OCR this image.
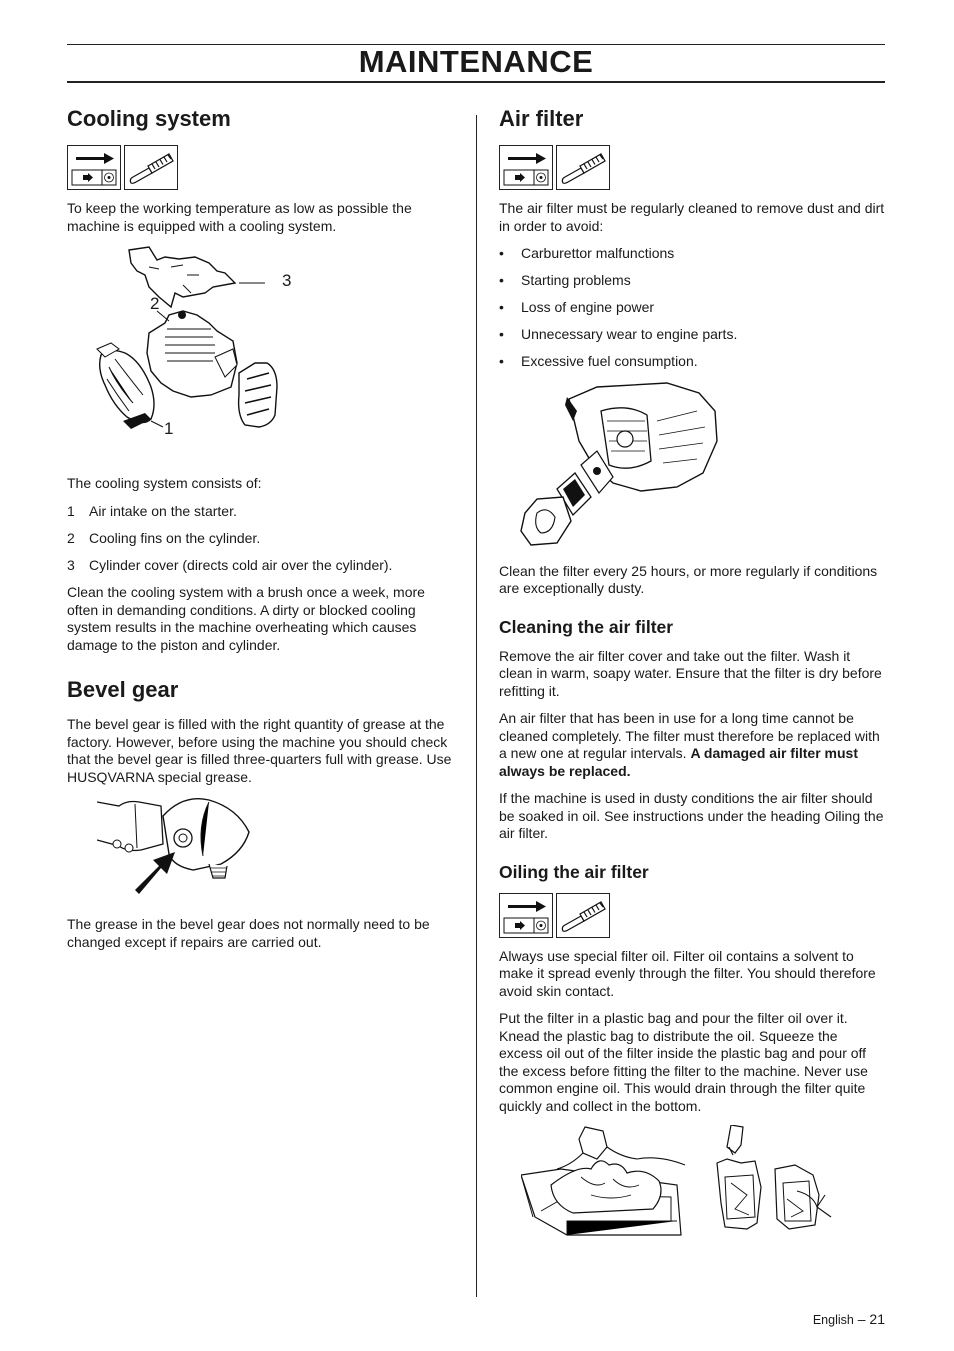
MAINTENANCE
Cooling system

To keep the working temperature as low as possible the machine is equipped with a cooling system.

3
2
1

The cooling system consists of:

1 Air intake on the starter.
2 Cooling fins on the cylinder.
3 Cylinder cover (directs cold air over the cylinder).

Clean the cooling system with a brush once a week, more often in demanding conditions. A dirty or blocked cooling system results in the machine overheating which causes damage to the piston and cylinder.

Bevel gear

The bevel gear is filled with the right quantity of grease at the factory. However, before using the machine you should check that the bevel gear is filled three-quarters full with grease. Use HUSQVARNA special grease.

The grease in the bevel gear does not normally need to be changed except if repairs are carried out.

Air filter

The air filter must be regularly cleaned to remove dust and dirt in order to avoid:

• Carburettor malfunctions
• Starting problems
• Loss of engine power
• Unnecessary wear to engine parts.
• Excessive fuel consumption.

Clean the filter every 25 hours, or more regularly if conditions are exceptionally dusty.

Cleaning the air filter

Remove the air filter cover and take out the filter. Wash it clean in warm, soapy water. Ensure that the filter is dry before refitting it.

An air filter that has been in use for a long time cannot be cleaned completely. The filter must therefore be replaced with a new one at regular intervals. A damaged air filter must always be replaced.

If the machine is used in dusty conditions the air filter should be soaked in oil. See instructions under the heading Oiling the air filter.

Oiling the air filter

Always use special filter oil. Filter oil contains a solvent to make it spread evenly through the filter. You should therefore avoid skin contact.

Put the filter in a plastic bag and pour the filter oil over it. Knead the plastic bag to distribute the oil. Squeeze the excess oil out of the filter inside the plastic bag and pour off the excess before fitting the filter to the machine. Never use common engine oil. This would drain through the filter quite quickly and collect in the bottom.

English – 21
